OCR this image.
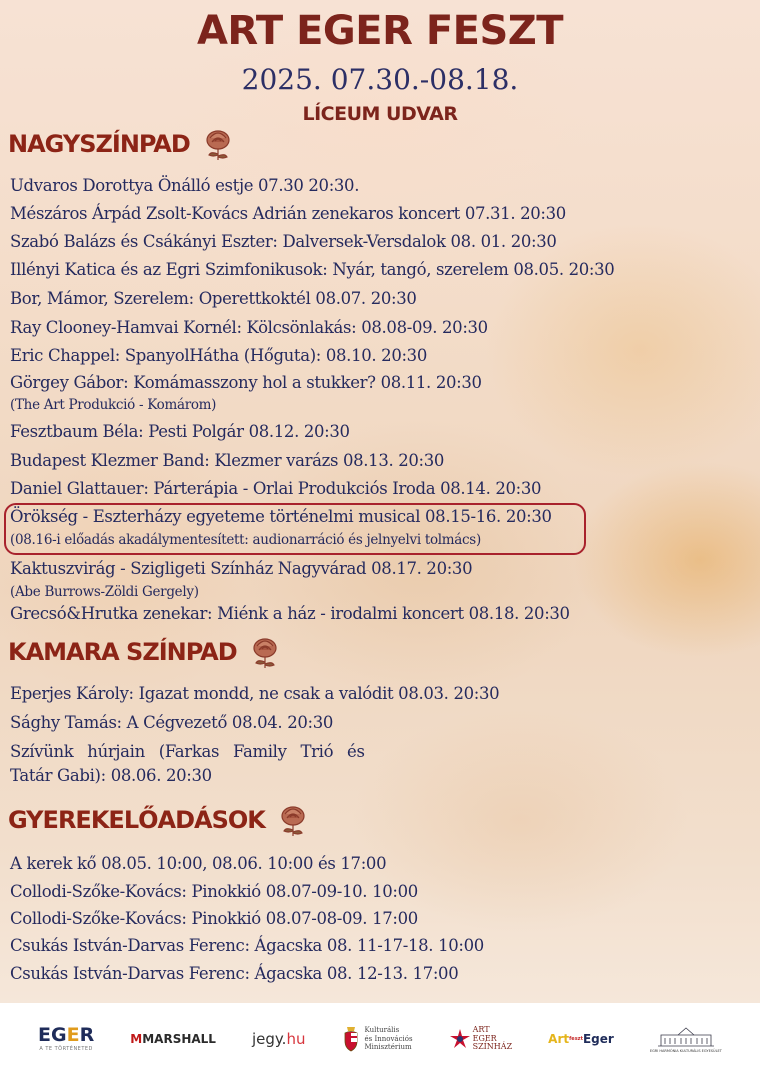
ART EGER FESZT
2025. 07.30.-08.18.
LÍCEUM UDVAR
NAGYSZÍNPAD
Udvaros Dorottya Önálló estje 07.30 20:30.
Mészáros Árpád Zsolt-Kovács Adrián zenekaros koncert 07.31. 20:30
Szabó Balázs és Csákányi Eszter: Dalversek-Versdalok 08. 01. 20:30
Illényi Katica és az Egri Szimfonikusok: Nyár, tangó, szerelem 08.05. 20:30
Bor, Mámor, Szerelem: Operettkoktél 08.07. 20:30
Ray Clooney-Hamvai Kornél: Kölcsönlakás: 08.08-09. 20:30
Eric Chappel: SpanyolHátha (Hőguta): 08.10. 20:30
Görgey Gábor: Komámasszony hol a stukker? 08.11. 20:30
(The Art Produkció - Komárom)
Fesztbaum Béla: Pesti Polgár 08.12. 20:30
Budapest Klezmer Band: Klezmer varázs 08.13. 20:30
Daniel Glattauer: Párterápia - Orlai Produkciós Iroda 08.14. 20:30
Örökség - Eszterházy egyeteme történelmi musical 08.15-16. 20:30
(08.16-i előadás akadálymentesített: audionarráció és jelnyelvi tolmács)
Kaktuszvirág - Szigligeti Színház Nagyvárad 08.17. 20:30
(Abe Burrows-Zöldi Gergely)
Grecsó&Hrutka zenekar: Miénk a ház - irodalmi koncert 08.18. 20:30
KAMARA SZÍNPAD
Eperjes Károly: Igazat mondd, ne csak a valódit 08.03. 20:30
Sághy Tamás: A Cégvezető 08.04. 20:30
Szívünk húrjain (Farkas Family Trió és
Tatár Gabi): 08.06. 20:30
GYEREKELŐADÁSOK
A kerek kő 08.05. 10:00, 08.06. 10:00 és 17:00
Collodi-Szőke-Kovács: Pinokkió 08.07-09-10. 10:00
Collodi-Szőke-Kovács: Pinokkió 08.07-08-09. 17:00
Csukás István-Darvas Ferenc: Ágacska 08. 11-17-18. 10:00
Csukás István-Darvas Ferenc: Ágacska 08. 12-13. 17:00
EGER
A TE TÖRTÉNETED
M MARSHALL jegy. hu	Kulturális
és Innovációs
Minisztérium
ART
EGER
SZÍNHÁZ
Art feszt Eger
EGRI HARMÓNIA KULTURÁLIS EGYESÜLET
